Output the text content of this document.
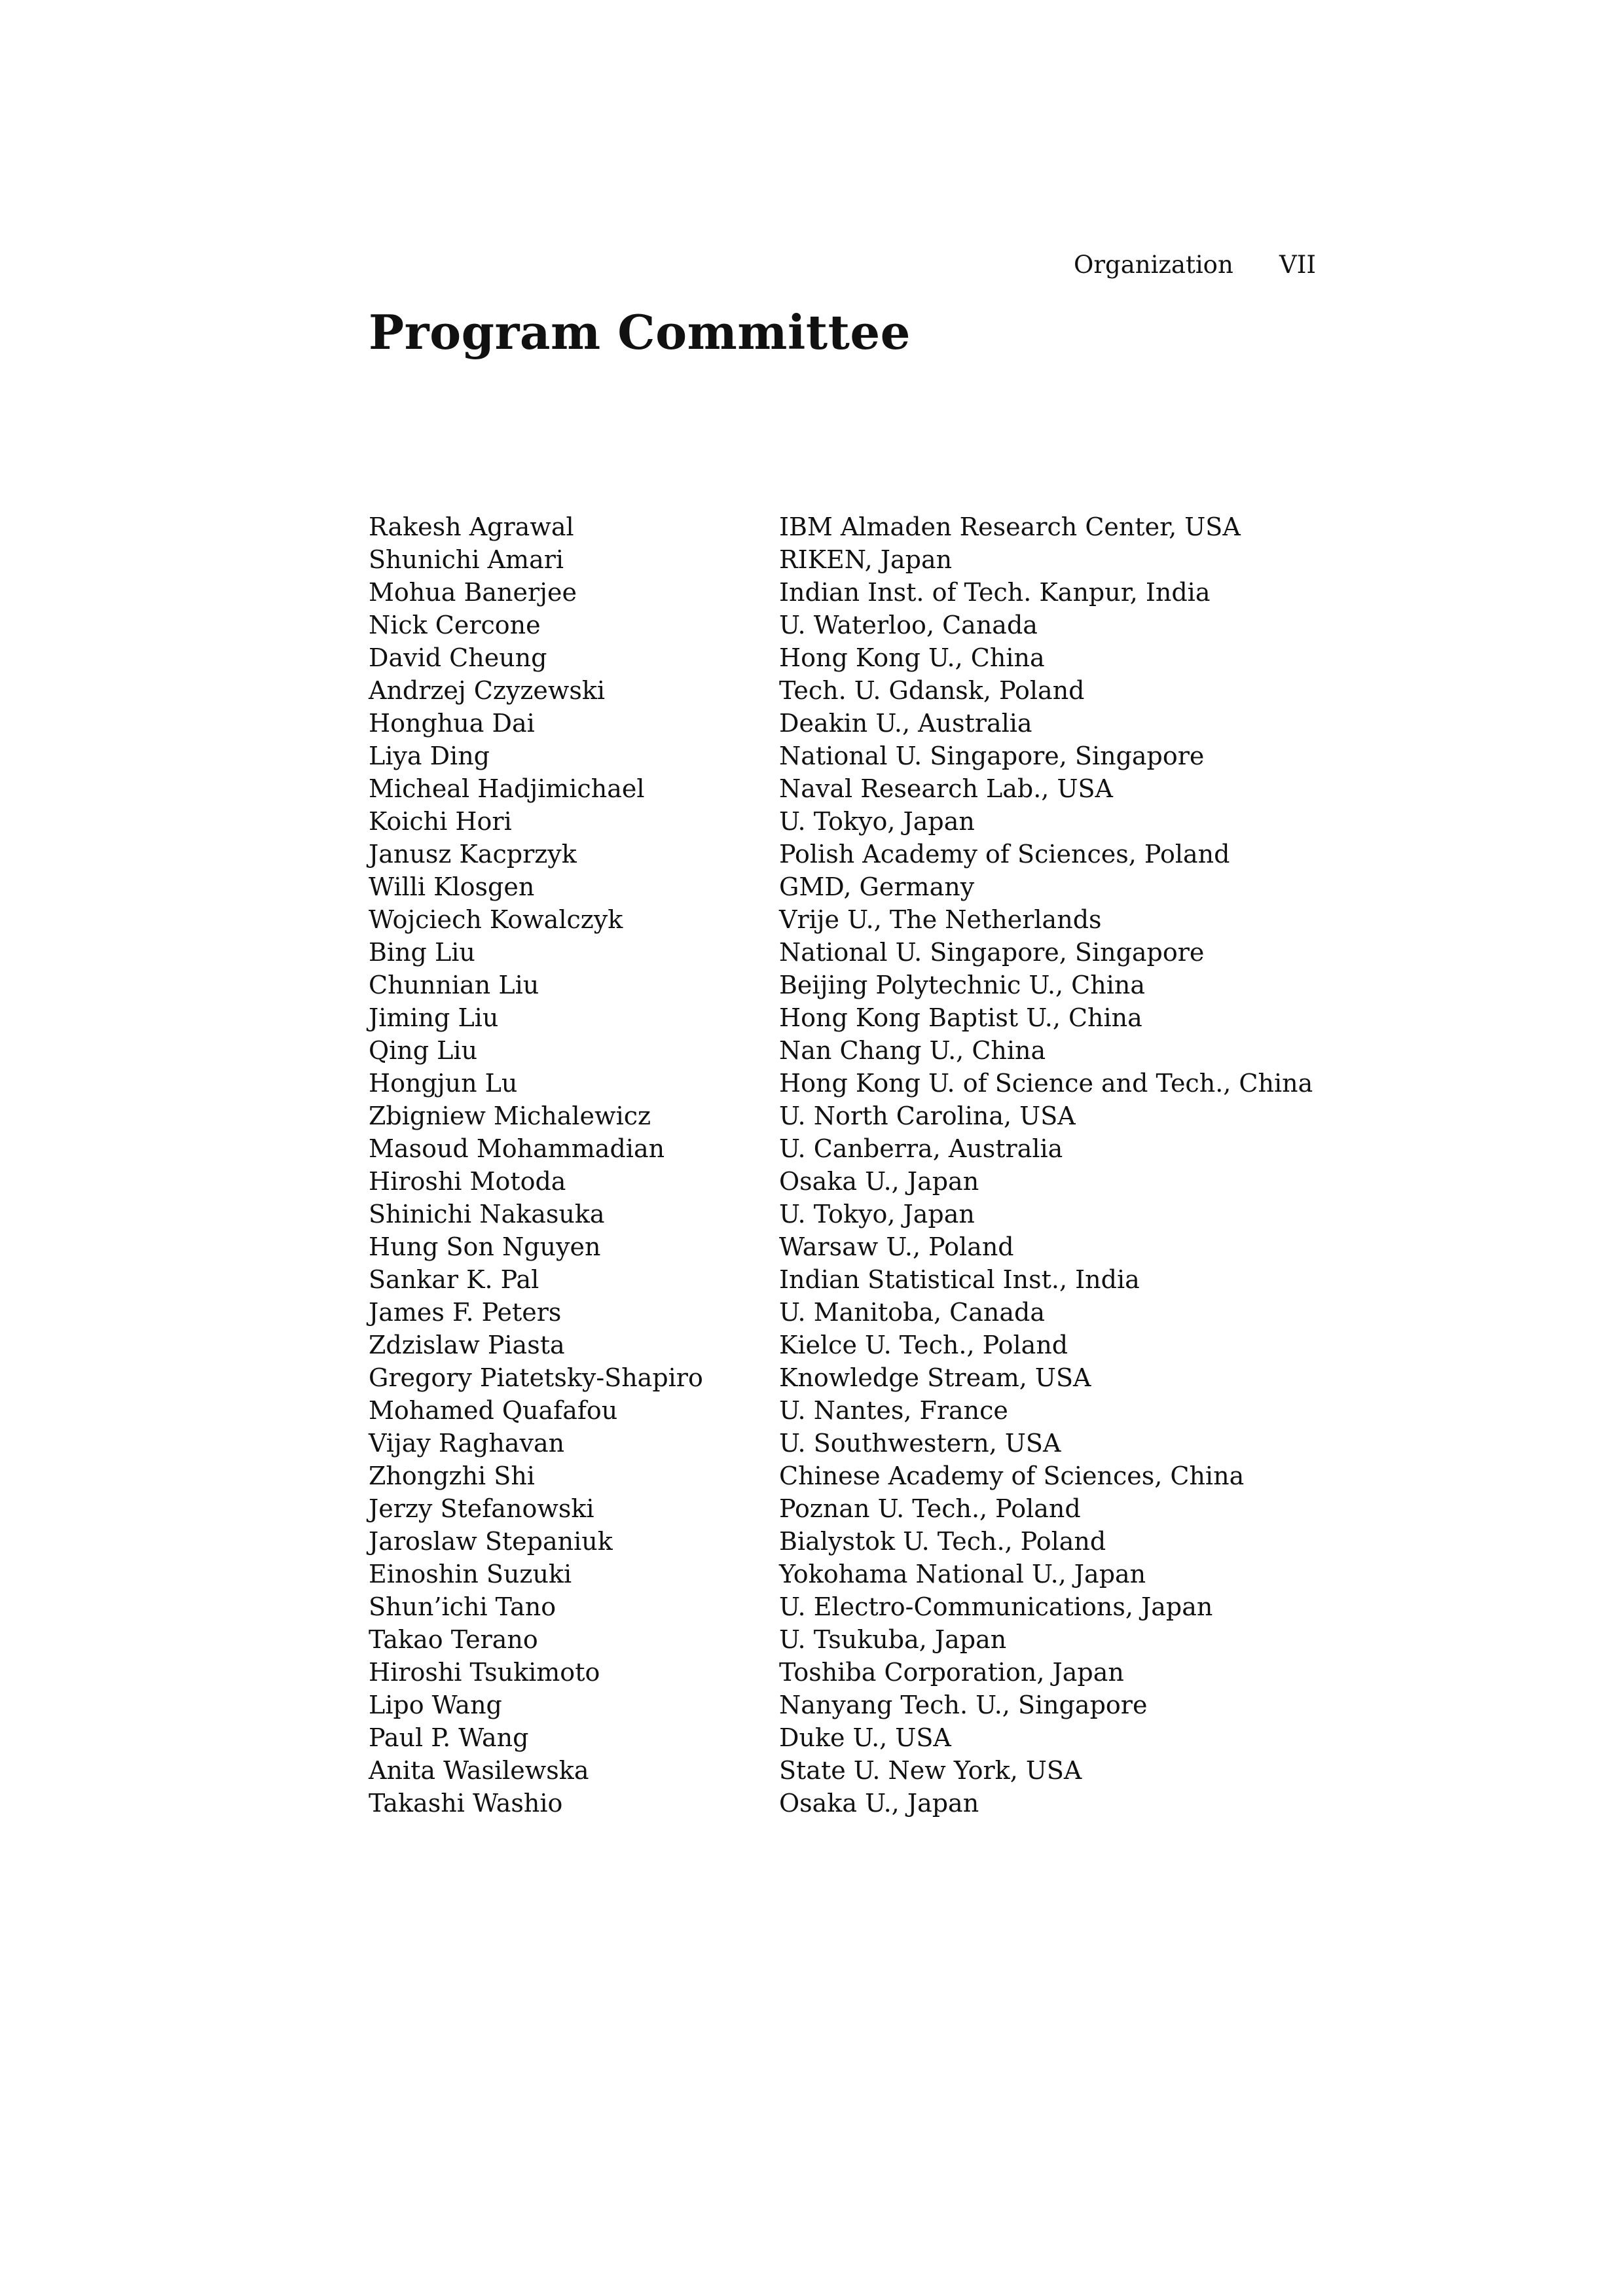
Organization VII
Program Committee
Rakesh Agrawal	IBM Almaden Research Center, USA
Shunichi Amari	RIKEN, Japan
Mohua Banerjee	Indian Inst. of Tech. Kanpur, India
Nick Cercone	U. Waterloo, Canada
David Cheung	Hong Kong U., China
Andrzej Czyzewski	Tech. U. Gdansk, Poland
Honghua Dai	Deakin U., Australia
Liya Ding	National U. Singapore, Singapore
Micheal Hadjimichael	Naval Research Lab., USA
Koichi Hori	U. Tokyo, Japan
Janusz Kacprzyk	Polish Academy of Sciences, Poland
Willi Klosgen	GMD, Germany
Wojciech Kowalczyk	Vrije U., The Netherlands
Bing Liu	National U. Singapore, Singapore
Chunnian Liu	Beijing Polytechnic U., China
Jiming Liu	Hong Kong Baptist U., China
Qing Liu	Nan Chang U., China
Hongjun Lu	Hong Kong U. of Science and Tech., China
Zbigniew Michalewicz	U. North Carolina, USA
Masoud Mohammadian	U. Canberra, Australia
Hiroshi Motoda	Osaka U., Japan
Shinichi Nakasuka	U. Tokyo, Japan
Hung Son Nguyen	Warsaw U., Poland
Sankar K. Pal	Indian Statistical Inst., India
James F. Peters	U. Manitoba, Canada
Zdzislaw Piasta	Kielce U. Tech., Poland
Gregory Piatetsky-Shapiro	Knowledge Stream, USA
Mohamed Quafafou	U. Nantes, France
Vijay Raghavan	U. Southwestern, USA
Zhongzhi Shi	Chinese Academy of Sciences, China
Jerzy Stefanowski	Poznan U. Tech., Poland
Jaroslaw Stepaniuk	Bialystok U. Tech., Poland
Einoshin Suzuki	Yokohama National U., Japan
Shun’ichi Tano	U. Electro-Communications, Japan
Takao Terano	U. Tsukuba, Japan
Hiroshi Tsukimoto	Toshiba Corporation, Japan
Lipo Wang	Nanyang Tech. U., Singapore
Paul P. Wang	Duke U., USA
Anita Wasilewska	State U. New York, USA
Takashi Washio	Osaka U., Japan
